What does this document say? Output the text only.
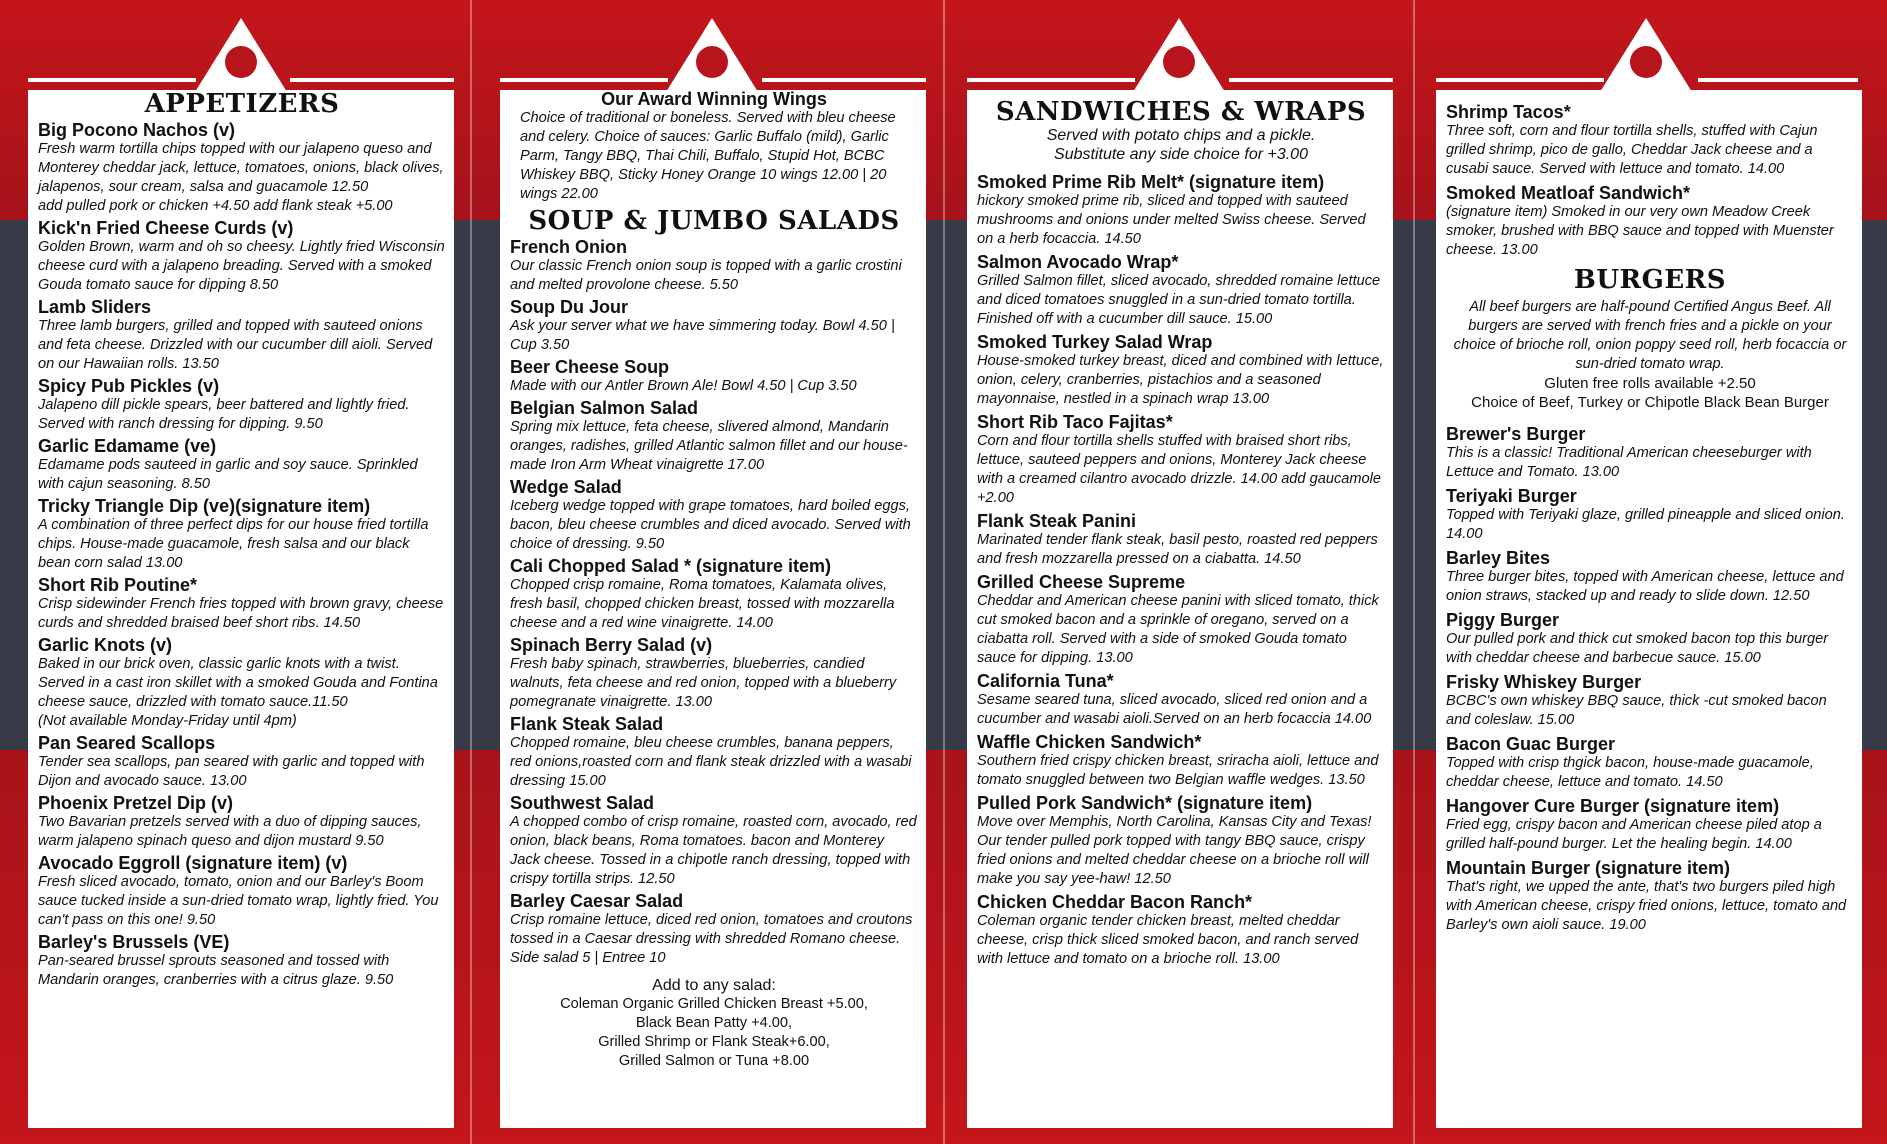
APPETIZERS
Big Pocono Nachos (v)
Fresh warm tortilla chips topped with our jalapeno queso and Monterey cheddar jack, lettuce, tomatoes, onions, black olives, jalapenos, sour cream, salsa and guacamole 12.50
add pulled pork or chicken +4.50 add flank steak +5.00
Kick'n Fried Cheese Curds (v)
Golden Brown, warm and oh so cheesy. Lightly fried Wisconsin cheese curd with a jalapeno breading. Served with a smoked Gouda tomato sauce for dipping 8.50
Lamb Sliders
Three lamb burgers, grilled and topped with sauteed onions and feta cheese. Drizzled with our cucumber dill aioli. Served on our Hawaiian rolls. 13.50
Spicy Pub Pickles (v)
Jalapeno dill pickle spears, beer battered and lightly fried. Served with ranch dressing for dipping. 9.50
Garlic Edamame (ve)
Edamame pods sauteed in garlic and soy sauce. Sprinkled with cajun seasoning. 8.50
Tricky Triangle Dip (ve)(signature item)
A combination of three perfect dips for our house fried tortilla chips. House-made guacamole, fresh salsa and our black bean corn salad 13.00
Short Rib Poutine*
Crisp sidewinder French fries topped with brown gravy, cheese curds and shredded braised beef short ribs. 14.50
Garlic Knots (v)
Baked in our brick oven, classic garlic knots with a twist. Served in a cast iron skillet with a smoked Gouda and Fontina cheese sauce, drizzled with tomato sauce.11.50
(Not available Monday-Friday until 4pm)
Pan Seared Scallops
Tender sea scallops, pan seared with garlic and topped with Dijon and avocado sauce. 13.00
Phoenix Pretzel Dip (v)
Two Bavarian pretzels served with a duo of dipping sauces, warm jalapeno spinach queso and dijon mustard 9.50
Avocado Eggroll (signature item) (v)
Fresh sliced avocado, tomato, onion and our Barley's Boom sauce tucked inside a sun-dried tomato wrap, lightly fried. You can't pass on this one! 9.50
Barley's Brussels (VE)
Pan-seared brussel sprouts seasoned and tossed with Mandarin oranges, cranberries with a citrus glaze. 9.50
Our Award Winning Wings
Choice of traditional or boneless. Served with bleu cheese and celery. Choice of sauces: Garlic Buffalo (mild), Garlic Parm, Tangy BBQ, Thai Chili, Buffalo, Stupid Hot, BCBC Whiskey BBQ, Sticky Honey Orange 10 wings 12.00 | 20 wings 22.00
SOUP & JUMBO SALADS
French Onion
Our classic French onion soup is topped with a garlic crostini and melted provolone cheese. 5.50
Soup Du Jour
Ask your server what we have simmering today. Bowl 4.50 | Cup 3.50
Beer Cheese Soup
Made with our Antler Brown Ale! Bowl 4.50 | Cup 3.50
Belgian Salmon Salad
Spring mix lettuce, feta cheese, slivered almond, Mandarin oranges, radishes, grilled Atlantic salmon fillet and our house-made Iron Arm Wheat vinaigrette 17.00
Wedge Salad
Iceberg wedge topped with grape tomatoes, hard boiled eggs, bacon, bleu cheese crumbles and diced avocado. Served with choice of dressing. 9.50
Cali Chopped Salad * (signature item)
Chopped crisp romaine, Roma tomatoes, Kalamata olives, fresh basil, chopped chicken breast, tossed with mozzarella cheese and a red wine vinaigrette. 14.00
Spinach Berry Salad (v)
Fresh baby spinach, strawberries, blueberries, candied walnuts, feta cheese and red onion, topped with a blueberry pomegranate vinaigrette. 13.00
Flank Steak Salad
Chopped romaine, bleu cheese crumbles, banana peppers, red onions,roasted corn and flank steak drizzled with a wasabi dressing 15.00
Southwest Salad
A chopped combo of crisp romaine, roasted corn, avocado, red onion, black beans, Roma tomatoes. bacon and Monterey Jack cheese. Tossed in a chipotle ranch dressing, topped with crispy tortilla strips. 12.50
Barley Caesar Salad
Crisp romaine lettuce, diced red onion, tomatoes and croutons tossed in a Caesar dressing with shredded Romano cheese. Side salad 5 | Entree 10
Add to any salad:
Coleman Organic Grilled Chicken Breast +5.00,
Black Bean Patty +4.00,
Grilled Shrimp or Flank Steak+6.00,
Grilled Salmon or Tuna +8.00
SANDWICHES & WRAPS
Served with potato chips and a pickle.
Substitute any side choice for +3.00
Smoked Prime Rib Melt* (signature item)
hickory smoked prime rib, sliced and topped with sauteed mushrooms and onions under melted Swiss cheese. Served on a herb focaccia. 14.50
Salmon Avocado Wrap*
Grilled Salmon fillet, sliced avocado, shredded romaine lettuce and diced tomatoes snuggled in a sun-dried tomato tortilla. Finished off with a cucumber dill sauce. 15.00
Smoked Turkey Salad Wrap
House-smoked turkey breast, diced and combined with lettuce, onion, celery, cranberries, pistachios and a seasoned mayonnaise, nestled in a spinach wrap 13.00
Short Rib Taco Fajitas*
Corn and flour tortilla shells stuffed with braised short ribs, lettuce, sauteed peppers and onions, Monterey Jack cheese with a creamed cilantro avocado drizzle. 14.00 add gaucamole +2.00
Flank Steak Panini
Marinated tender flank steak, basil pesto, roasted red peppers and fresh mozzarella pressed on a ciabatta. 14.50
Grilled Cheese Supreme
Cheddar and American cheese panini with sliced tomato, thick cut smoked bacon and a sprinkle of oregano, served on a ciabatta roll. Served with a side of smoked Gouda tomato sauce for dipping. 13.00
California Tuna*
Sesame seared tuna, sliced avocado, sliced red onion and a cucumber and wasabi aioli.Served on an herb focaccia 14.00
Waffle Chicken Sandwich*
Southern fried crispy chicken breast, sriracha aioli, lettuce and tomato snuggled between two Belgian waffle wedges. 13.50
Pulled Pork Sandwich* (signature item)
Move over Memphis, North Carolina, Kansas City and Texas! Our tender pulled pork topped with tangy BBQ sauce, crispy fried onions and melted cheddar cheese on a brioche roll will make you say yee-haw! 12.50
Chicken Cheddar Bacon Ranch*
Coleman organic tender chicken breast, melted cheddar cheese, crisp thick sliced smoked bacon, and ranch served with lettuce and tomato on a brioche roll. 13.00
Shrimp Tacos*
Three soft, corn and flour tortilla shells, stuffed with Cajun grilled shrimp, pico de gallo, Cheddar Jack cheese and a cusabi sauce. Served with lettuce and tomato. 14.00
Smoked Meatloaf Sandwich*
(signature item) Smoked in our very own Meadow Creek smoker, brushed with BBQ sauce and topped with Muenster cheese. 13.00
BURGERS
All beef burgers are half-pound Certified Angus Beef. All burgers are served with french fries and a pickle on your choice of brioche roll, onion poppy seed roll, herb focaccia or sun-dried tomato wrap.
Gluten free rolls available +2.50
Choice of Beef, Turkey or Chipotle Black Bean Burger
Brewer's Burger
This is a classic! Traditional American cheeseburger with Lettuce and Tomato. 13.00
Teriyaki Burger
Topped with Teriyaki glaze, grilled pineapple and sliced onion. 14.00
Barley Bites
Three burger bites, topped with American cheese, lettuce and onion straws, stacked up and ready to slide down. 12.50
Piggy Burger
Our pulled pork and thick cut smoked bacon top this burger with cheddar cheese and barbecue sauce. 15.00
Frisky Whiskey Burger
BCBC's own whiskey BBQ sauce, thick -cut smoked bacon and coleslaw. 15.00
Bacon Guac Burger
Topped with crisp thgick bacon, house-made guacamole, cheddar cheese, lettuce and tomato. 14.50
Hangover Cure Burger (signature item)
Fried egg, crispy bacon and American cheese piled atop a grilled half-pound burger. Let the healing begin. 14.00
Mountain Burger (signature item)
That's right, we upped the ante, that's two burgers piled high with American cheese, crispy fried onions, lettuce, tomato and Barley's own aioli sauce. 19.00
